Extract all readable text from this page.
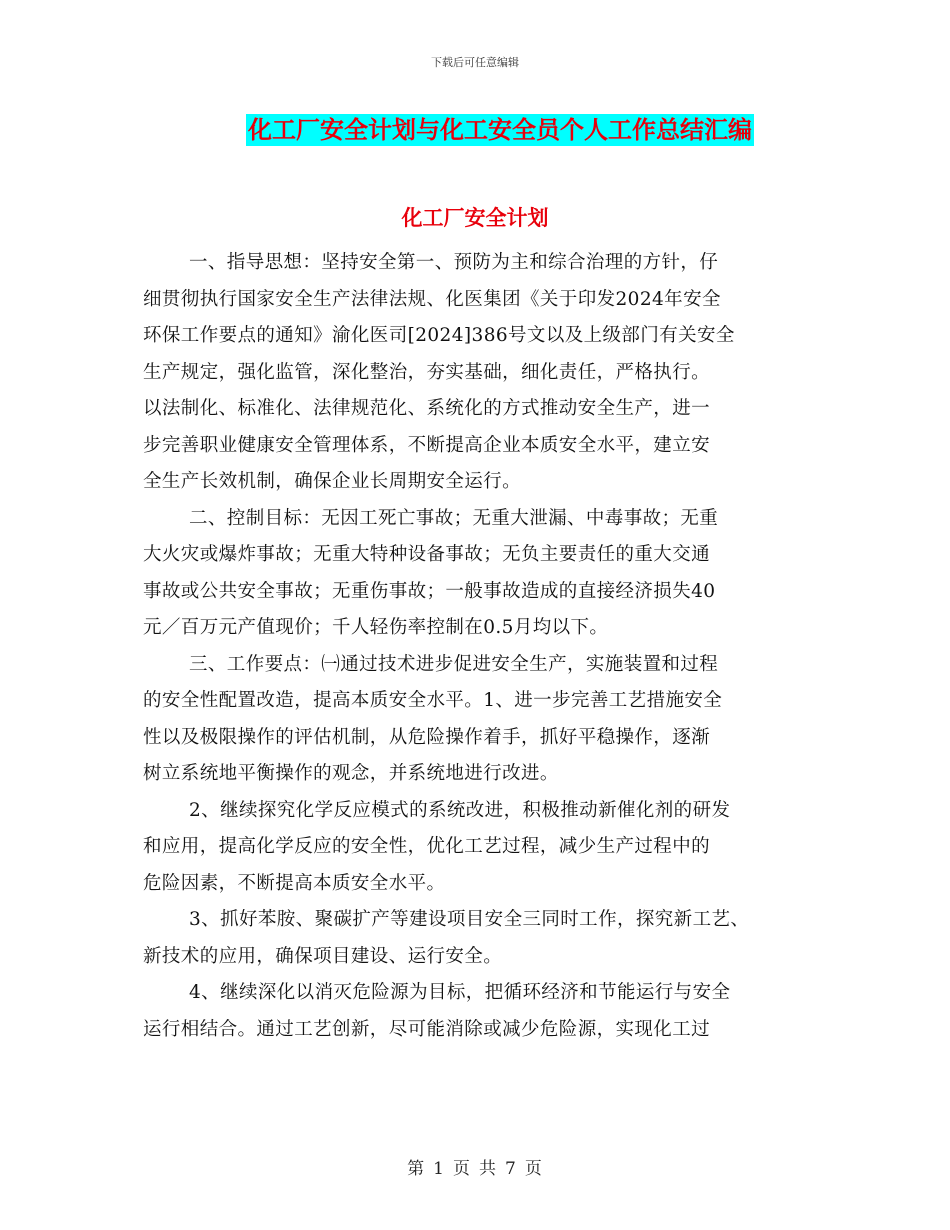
下载后可任意编辑
化工厂安全计划与化工安全员个人工作总结汇编
化工厂安全计划

一、指导思想：坚持安全第一、预防为主和综合治理的方针，仔
细贯彻执行国家安全生产法律法规、化医集团《关于印发2024年安全
环保工作要点的通知》渝化医司[2024]386号文以及上级部门有关安全
生产规定，强化监管，深化整治，夯实基础，细化责任，严格执行。
以法制化、标准化、法律规范化、系统化的方式推动安全生产，进一
步完善职业健康安全管理体系，不断提高企业本质安全水平，建立安
全生产长效机制，确保企业长周期安全运行。

二、控制目标：无因工死亡事故；无重大泄漏、中毒事故；无重
大火灾或爆炸事故；无重大特种设备事故；无负主要责任的重大交通
事故或公共安全事故；无重伤事故；一般事故造成的直接经济损失40
元／百万元产值现价；千人轻伤率控制在0.5月均以下。

三、工作要点：㈠通过技术进步促进安全生产，实施装置和过程
的安全性配置改造，提高本质安全水平。1、进一步完善工艺措施安全
性以及极限操作的评估机制，从危险操作着手，抓好平稳操作，逐渐
树立系统地平衡操作的观念，并系统地进行改进。

2、继续探究化学反应模式的系统改进，积极推动新催化剂的研发
和应用，提高化学反应的安全性，优化工艺过程，减少生产过程中的
危险因素，不断提高本质安全水平。

3、抓好苯胺、聚碳扩产等建设项目安全三同时工作，探究新工艺、
新技术的应用，确保项目建设、运行安全。

4、继续深化以消灭危险源为目标，把循环经济和节能运行与安全
运行相结合。通过工艺创新，尽可能消除或减少危险源，实现化工过

第 1 页 共 7 页
